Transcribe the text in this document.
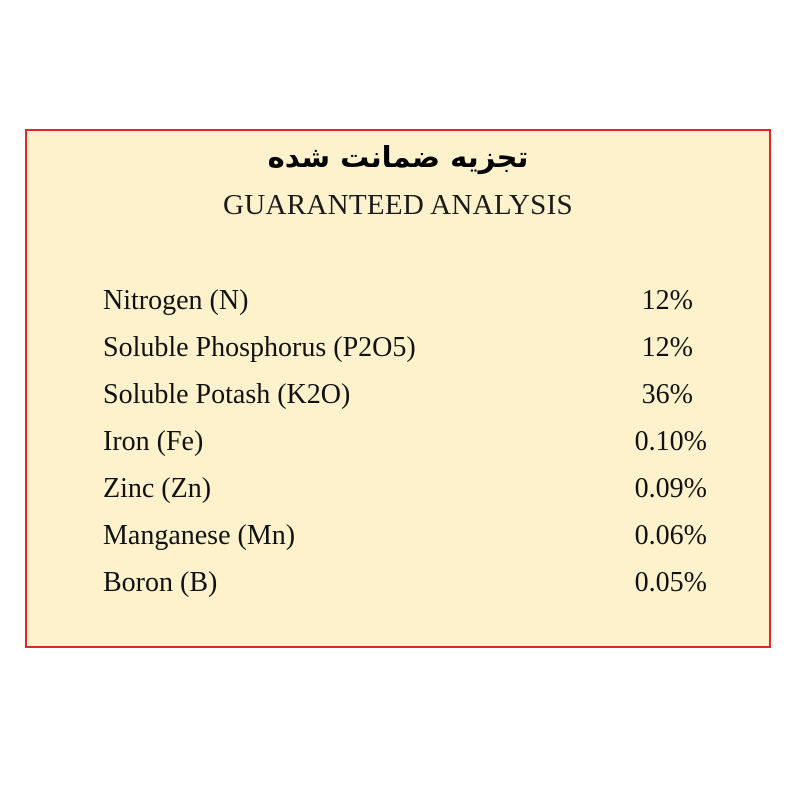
تجزیه ضمانت شده
GUARANTEED ANALYSIS
Nitrogen (N)	12%
Soluble Phosphorus (P2O5)	12%
Soluble Potash (K2O)	36%
Iron (Fe)	0.10%
Zinc (Zn)	0.09%
Manganese (Mn)	0.06%
Boron (B)	0.05%
